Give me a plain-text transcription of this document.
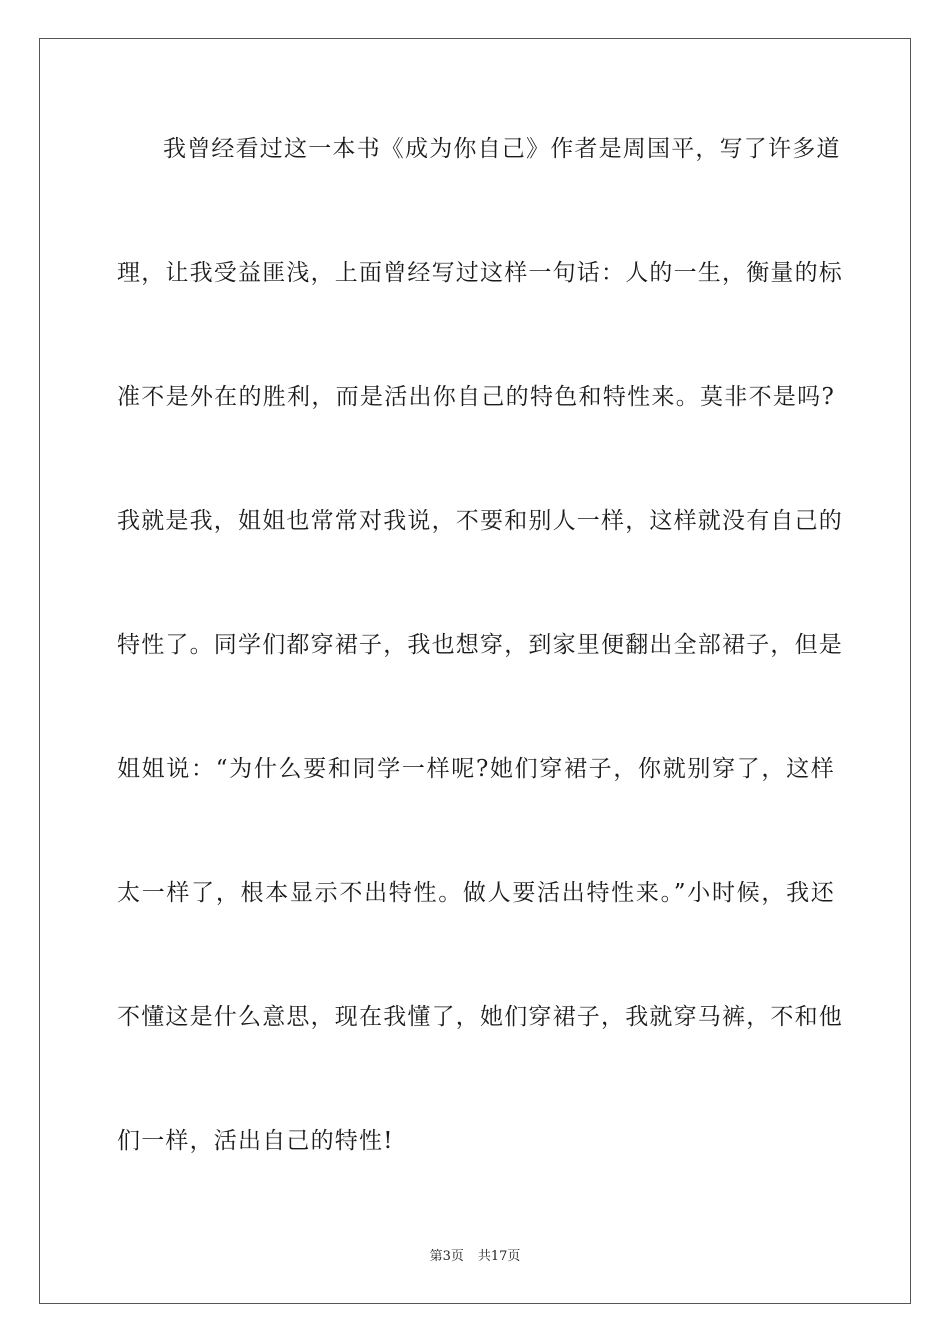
我曾经看过这一本书《成为你自己》作者是周国平，写了许多道
理，让我受益匪浅，上面曾经写过这样一句话：人的一生，衡量的标
准不是外在的胜利，而是活出你自己的特色和特性来。莫非不是吗?
我就是我，姐姐也常常对我说，不要和别人一样，这样就没有自己的
特性了。同学们都穿裙子，我也想穿，到家里便翻出全部裙子，但是
姐姐说：“为什么要和同学一样呢?她们穿裙子，你就别穿了，这样
太一样了，根本显示不出特性。做人要活出特性来。”小时候，我还
不懂这是什么意思，现在我懂了，她们穿裙子，我就穿马裤，不和他
们一样，活出自己的特性!
第3页 共17页
